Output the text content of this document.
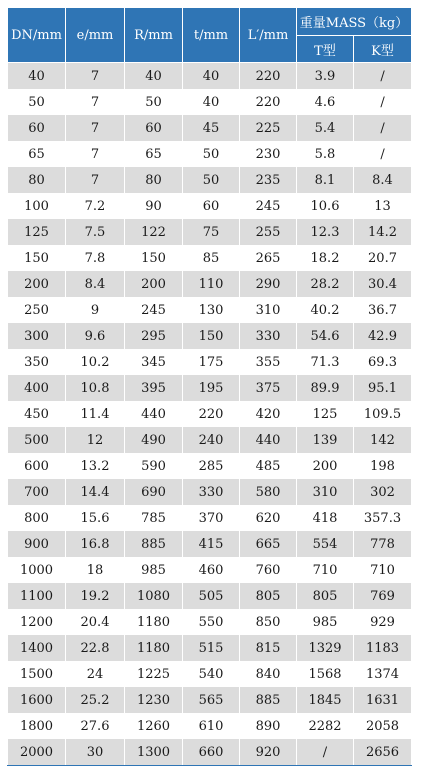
DN/mm	e/mm	R/mm	t/mm	L′/mm	重量MASS（kg）	
					T型	K型
40	7	40	40	220	3.9	/
50	7	50	40	220	4.6	/
60	7	60	45	225	5.4	/
65	7	65	50	230	5.8	/
80	7	80	50	235	8.1	8.4
100	7.2	90	60	245	10.6	13
125	7.5	122	75	255	12.3	14.2
150	7.8	150	85	265	18.2	20.7
200	8.4	200	110	290	28.2	30.4
250	9	245	130	310	40.2	36.7
300	9.6	295	150	330	54.6	42.9
350	10.2	345	175	355	71.3	69.3
400	10.8	395	195	375	89.9	95.1
450	11.4	440	220	420	125	109.5
500	12	490	240	440	139	142
600	13.2	590	285	485	200	198
700	14.4	690	330	580	310	302
800	15.6	785	370	620	418	357.3
900	16.8	885	415	665	554	778
1000	18	985	460	760	710	710
1100	19.2	1080	505	805	805	769
1200	20.4	1180	550	850	985	929
1400	22.8	1180	515	815	1329	1183
1500	24	1225	540	840	1568	1374
1600	25.2	1230	565	885	1845	1631
1800	27.6	1260	610	890	2282	2058
2000	30	1300	660	920	/	2656
